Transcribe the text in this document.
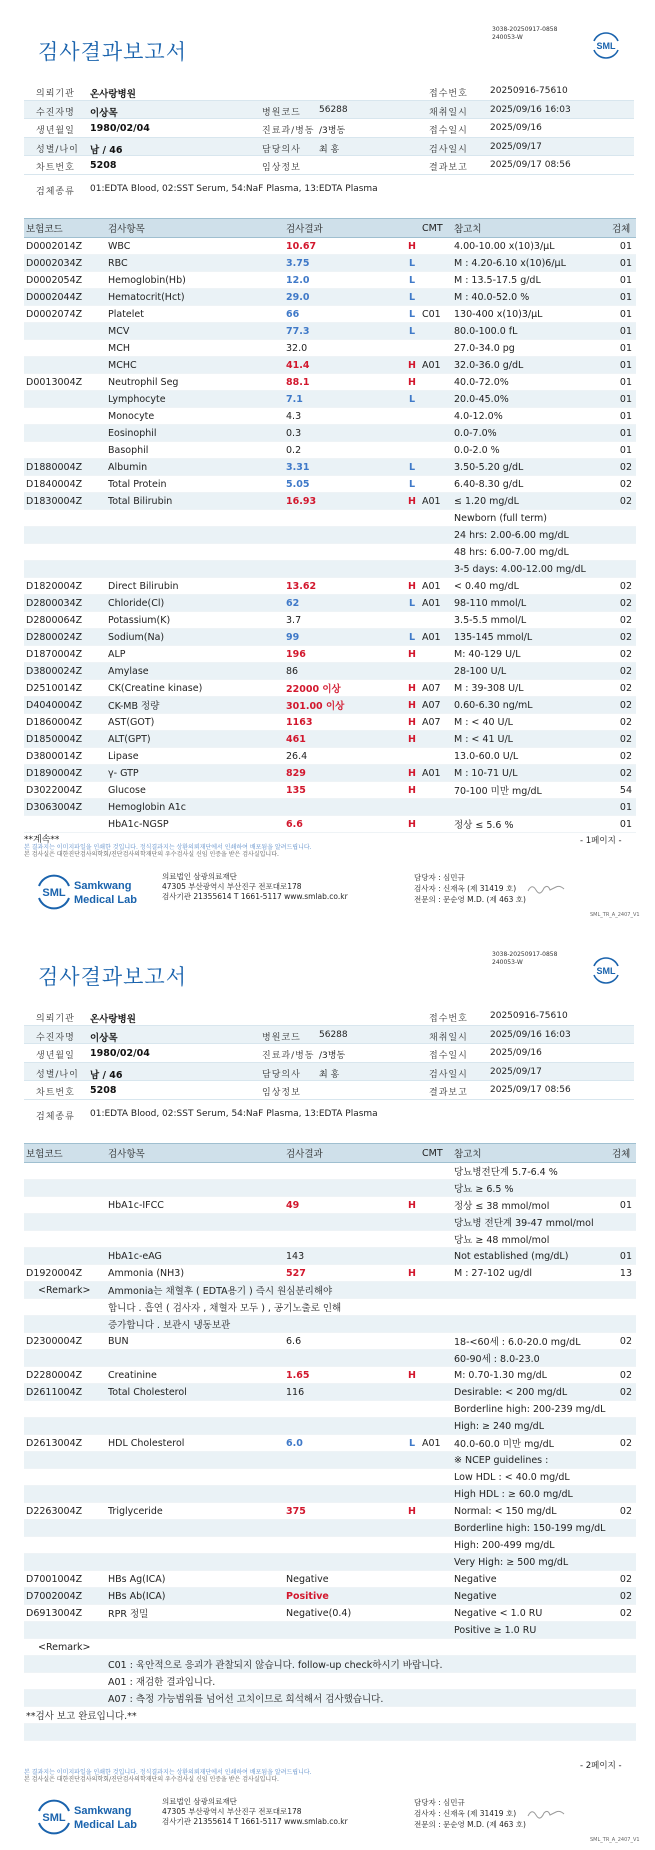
3038-20250917-0858
240053-W
검사결과보고서	SML
의뢰기관 온사랑병원	접수번호 20250916-75610
수진자명 이상목	병원코드 56288	채취일시 2025/09/16 16:03
생년월일 1980/02/04	진료과/병동 /3병동	접수일시 2025/09/16
성별/나이 남 / 46	담당의사 최 홍	검사일시 2025/09/17
차트번호 5208	임상정보	결과보고 2025/09/17 08:56
검체종류 01:EDTA Blood, 02:SST Serum, 54:NaF Plasma, 13:EDTA Plasma
보험코드	검사항목	검사결과		CMT	참고치	검체
D0002014Z	WBC	10.67	H		4.00-10.00 x(10)3/μL	01
D0002034Z	RBC	3.75	L		M : 4.20-6.10 x(10)6/μL	01
D0002054Z	Hemoglobin(Hb)	12.0	L		M : 13.5-17.5 g/dL	01
D0002044Z	Hematocrit(Hct)	29.0	L		M : 40.0-52.0 %	01
D0002074Z	Platelet	66	L	C01	130-400 x(10)3/μL	01
	MCV	77.3	L		80.0-100.0 fL	01
	MCH	32.0			27.0-34.0 pg	01
	MCHC	41.4	H	A01	32.0-36.0 g/dL	01
D0013004Z	Neutrophil Seg	88.1	H		40.0-72.0%	01
	Lymphocyte	7.1	L		20.0-45.0%	01
	Monocyte	4.3			4.0-12.0%	01
	Eosinophil	0.3			0.0-7.0%	01
	Basophil	0.2			0.0-2.0 %	01
D1880004Z	Albumin	3.31	L		3.50-5.20 g/dL	02
D1840004Z	Total Protein	5.05	L		6.40-8.30 g/dL	02
D1830004Z	Total Bilirubin	16.93	H	A01	≤ 1.20 mg/dL	02
					Newborn (full term)	
					24 hrs: 2.00-6.00 mg/dL	
					48 hrs: 6.00-7.00 mg/dL	
					3-5 days: 4.00-12.00 mg/dL	
D1820004Z	Direct Bilirubin	13.62	H	A01	< 0.40 mg/dL	02
D2800034Z	Chloride(Cl)	62	L	A01	98-110 mmol/L	02
D2800064Z	Potassium(K)	3.7			3.5-5.5 mmol/L	02
D2800024Z	Sodium(Na)	99	L	A01	135-145 mmol/L	02
D1870004Z	ALP	196	H		M: 40-129 U/L	02
D3800024Z	Amylase	86			28-100 U/L	02
D2510014Z	CK(Creatine kinase)	22000 이상	H	A07	M : 39-308 U/L	02
D4040004Z	CK-MB 정량	301.00 이상	H	A07	0.60-6.30 ng/mL	02
D1860004Z	AST(GOT)	1163	H	A07	M : < 40 U/L	02
D1850004Z	ALT(GPT)	461	H		M : < 41 U/L	02
D3800014Z	Lipase	26.4			13.0-60.0 U/L	02
D1890004Z	γ- GTP	829	H	A01	M : 10-71 U/L	02
D3022004Z	Glucose	135	H		70-100 미만 mg/dL	54
D3063004Z	Hemoglobin A1c					01
	HbA1c-NGSP	6.6	H		정상 ≤ 5.6 %	01
**계속**	- 1페이지 -
본 결과지는 이미지파일을 인쇄한 것입니다. 정식결과지는 상환의뢰재단에서 인쇄하여 배포됨을 알려드립니다.
본 검사실은 대한진단검사의학회/진단검사의학재단의 우수검사실 신임 인증을 받은 검사실입니다.
SML
Samkwang
Medical Lab
의료법인 삼광의료재단
47305 부산광역시 부산진구 전포대로178
검사기관 21355614 T 1661-5117 www.smlab.co.kr
담당자 : 심민규
검사자 : 신재옥 (제 31419 호)
전문의 : 문순영 M.D. (제 463 호)
SML_TR_A_2407_V1
3038-20250917-0858
240053-W
검사결과보고서	SML
의뢰기관 온사랑병원	접수번호 20250916-75610
수진자명 이상목	병원코드 56288	채취일시 2025/09/16 16:03
생년월일 1980/02/04	진료과/병동 /3병동	접수일시 2025/09/16
성별/나이 남 / 46	담당의사 최 홍	검사일시 2025/09/17
차트번호 5208	임상정보	결과보고 2025/09/17 08:56
검체종류 01:EDTA Blood, 02:SST Serum, 54:NaF Plasma, 13:EDTA Plasma
보험코드	검사항목	검사결과		CMT	참고치	검체
					당뇨병전단계 5.7-6.4 %	
					당뇨 ≥ 6.5 %	
	HbA1c-IFCC	49	H		정상 ≤ 38 mmol/mol	01
					당뇨병 전단계 39-47 mmol/mol	
					당뇨 ≥ 48 mmol/mol	
	HbA1c-eAG	143			Not established (mg/dL)	01
D1920004Z	Ammonia (NH3)	527	H		M : 27-102 ug/dl	13
<Remark>	Ammonia는 채혈후 ( EDTA용기 ) 즉시 원심분리해야					
	합니다 . 흡연 ( 검사자 , 채혈자 모두 ) , 공기노출로 인해					
	증가합니다 . 보관시 냉동보관					
D2300004Z	BUN	6.6			18-<60세 : 6.0-20.0 mg/dL	02
					60-90세 : 8.0-23.0	
D2280004Z	Creatinine	1.65	H		M: 0.70-1.30 mg/dL	02
D2611004Z	Total Cholesterol	116			Desirable: < 200 mg/dL	02
					Borderline high: 200-239 mg/dL	
					High: ≥ 240 mg/dL	
D2613004Z	HDL Cholesterol	6.0	L	A01	40.0-60.0 미만 mg/dL	02
					※ NCEP guidelines :	
					Low HDL : < 40.0 mg/dL	
					High HDL : ≥ 60.0 mg/dL	
D2263004Z	Triglyceride	375	H		Normal: < 150 mg/dL	02
					Borderline high: 150-199 mg/dL	
					High: 200-499 mg/dL	
					Very High: ≥ 500 mg/dL	
D7001004Z	HBs Ag(ICA)	Negative			Negative	02
D7002004Z	HBs Ab(ICA)	Positive			Negative	02
D6913004Z	RPR 정밀	Negative(0.4)			Negative < 1.0 RU	02
					Positive ≥ 1.0 RU	
<Remark>						
	C01 : 육안적으로 응괴가 관찰되지 않습니다. follow-up check하시기 바랍니다.					
	A01 : 재검한 결과입니다.					
	A07 : 측정 가능범위를 넘어선 고치이므로 희석해서 검사했습니다.					
**검사 보고 완료입니다.**						

- 2페이지 -
본 결과지는 이미지파일을 인쇄한 것입니다. 정식결과지는 상환의뢰재단에서 인쇄하여 배포됨을 알려드립니다.
본 검사실은 대한진단검사의학회/진단검사의학재단의 우수검사실 신임 인증을 받은 검사실입니다.
SML
Samkwang
Medical Lab
의료법인 삼광의료재단
47305 부산광역시 부산진구 전포대로178
검사기관 21355614 T 1661-5117 www.smlab.co.kr
담당자 : 심민규
검사자 : 신재옥 (제 31419 호)
전문의 : 문순영 M.D. (제 463 호)
SML_TR_A_2407_V1
